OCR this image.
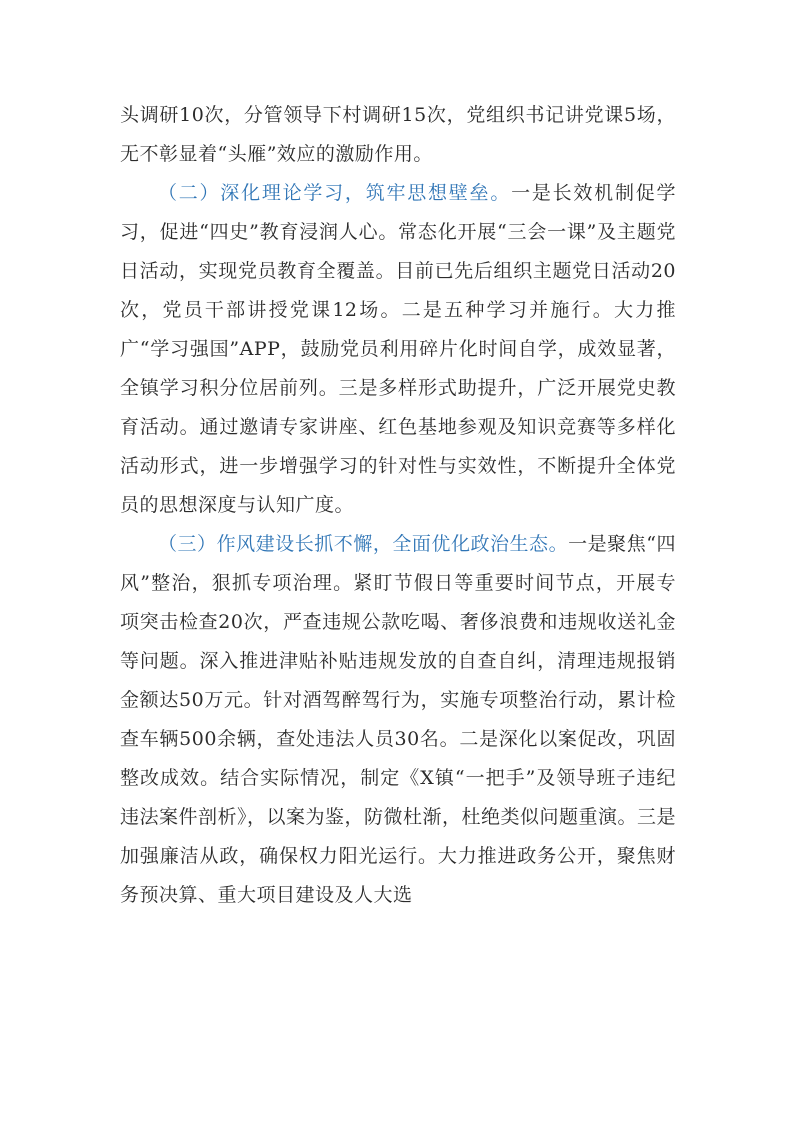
头调研10次，分管领导下村调研15次，党组织书记讲党课5场，无不彰显着“头雁”效应的激励作用。

（二）深化理论学习，筑牢思想壁垒。一是长效机制促学习，促进“四史”教育浸润人心。常态化开展“三会一课”及主题党日活动，实现党员教育全覆盖。目前已先后组织主题党日活动20次，党员干部讲授党课12场。二是五种学习并施行。大力推广“学习强国”APP，鼓励党员利用碎片化时间自学，成效显著，全镇学习积分位居前列。三是多样形式助提升，广泛开展党史教育活动。通过邀请专家讲座、红色基地参观及知识竞赛等多样化活动形式，进一步增强学习的针对性与实效性，不断提升全体党员的思想深度与认知广度。

（三）作风建设长抓不懈，全面优化政治生态。一是聚焦“四风”整治，狠抓专项治理。紧盯节假日等重要时间节点，开展专项突击检查20次，严查违规公款吃喝、奢侈浪费和违规收送礼金等问题。深入推进津贴补贴违规发放的自查自纠，清理违规报销金额达50万元。针对酒驾醉驾行为，实施专项整治行动，累计检查车辆500余辆，查处违法人员30名。二是深化以案促改，巩固整改成效。结合实际情况，制定《X镇“一把手”及领导班子违纪违法案件剖析》，以案为鉴，防微杜渐，杜绝类似问题重演。三是加强廉洁从政，确保权力阳光运行。大力推进政务公开，聚焦财务预决算、重大项目建设及人大选
